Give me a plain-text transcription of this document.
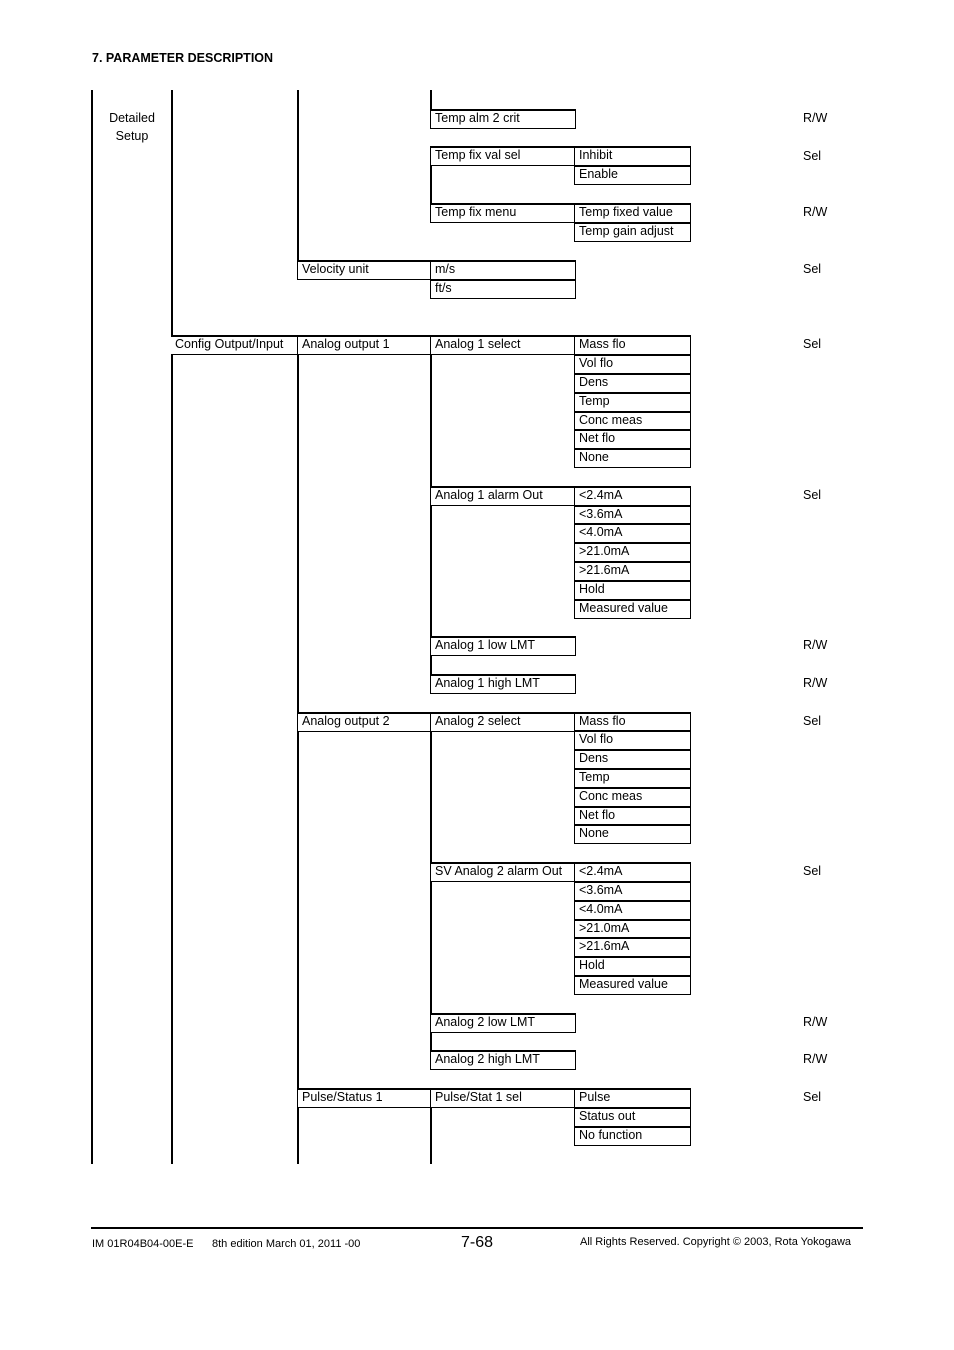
7. PARAMETER DESCRIPTION
Detailed
Setup
Config Output/Input
Velocity unit
Analog output 1
Analog output 2
Pulse/Status 1
Temp alm 2 crit
Temp fix val sel
Temp fix menu
m/s
ft/s
Analog 1 select
Analog 1 alarm Out
Analog 1 low LMT
Analog 1 high LMT
Analog 2 select
SV Analog 2 alarm Out
Analog 2 low LMT
Analog 2 high LMT
Pulse/Stat 1 sel
Inhibit
Enable
Temp fixed value
Temp gain adjust
Mass flo
Vol flo
Dens
Temp
Conc meas
Net flo
None
<2.4mA
<3.6mA
<4.0mA
>21.0mA
>21.6mA
Hold
Measured value
Mass flo
Vol flo
Dens
Temp
Conc meas
Net flo
None
<2.4mA
<3.6mA
<4.0mA
>21.0mA
>21.6mA
Hold
Measured value
Pulse
Status out
No function
R/W
Sel
R/W
Sel
Sel
Sel
R/W
R/W
Sel
Sel
R/W
R/W
Sel
IM 01R04B04-00E-E 8th edition March 01, 2011 -00	7-68	All Rights Reserved. Copyright © 2003, Rota Yokogawa
